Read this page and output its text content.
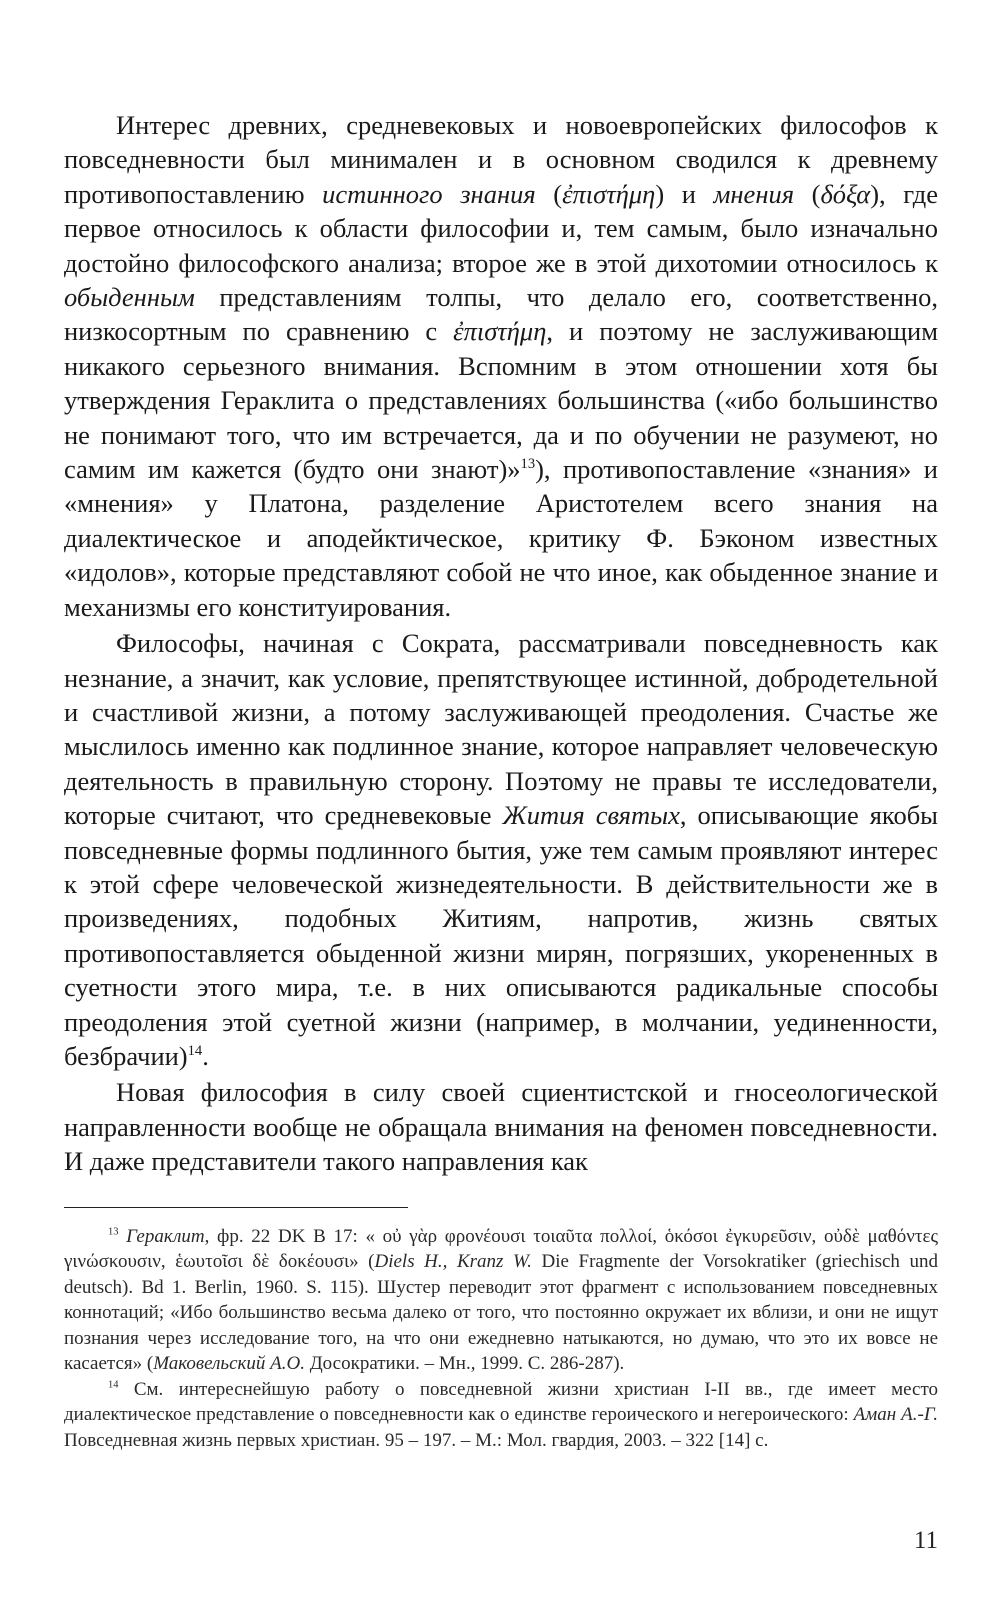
Интерес древних, средневековых и новоевропейских философов к повседневности был минимален и в основном сводился к древнему противопоставлению истинного знания (ἐπιστήμη) и мнения (δόξα), где первое относилось к области философии и, тем самым, было изначально достойно философского анализа; второе же в этой дихотомии относилось к обыденным представлениям толпы, что делало его, соответственно, низкосортным по сравнению с ἐπιστήμη, и поэтому не заслуживающим никакого серьезного внимания. Вспомним в этом отношении хотя бы утверждения Гераклита о представлениях большинства («ибо большинство не понимают того, что им встречается, да и по обучении не разумеют, но самим им кажется (будто они знают)»$^{13}$), противопоставление «знания» и «мнения» у Платона, разделение Аристотелем всего знания на диалектическое и аподейктическое, критику Ф. Бэконом известных «идолов», которые представляют собой не что иное, как обыденное знание и механизмы его конституирования.

Философы, начиная с Сократа, рассматривали повседневность как незнание, а значит, как условие, препятствующее истинной, добродетельной и счастливой жизни, а потому заслуживающей преодоления. Счастье же мыслилось именно как подлинное знание, которое направляет человеческую деятельность в правильную сторону. Поэтому не правы те исследователи, которые считают, что средневековые Жития святых, описывающие якобы повседневные формы подлинного бытия, уже тем самым проявляют интерес к этой сфере человеческой жизнедеятельности. В действительности же в произведениях, подобных Житиям, напротив, жизнь святых противопоставляется обыденной жизни мирян, погрязших, укорененных в суетности этого мира, т.е. в них описываются радикальные способы преодоления этой суетной жизни (например, в молчании, уединенности, безбрачии)$^{14}$.

Новая философия в силу своей сциентистской и гносеологической направленности вообще не обращала внимания на феномен повседневности. И даже представители такого направления как

$^{13}$ Гераклит, фр. 22 DK B 17: « οὐ γὰρ φρονέουσι τοιαῦτα πολλοί, ὁκόσοι ἐγκυρεῦσιν, οὐδὲ μαθόντες γινώσκουσιν, ἑωυτοῖσι δὲ δοκέουσι» (Diels H., Kranz W. Die Fragmente der Vorsokratiker (griechisch und deutsch). Bd 1. Berlin, 1960. S. 115). Шустер переводит этот фрагмент с использованием повседневных коннотаций; «Ибо большинство весьма далеко от того, что постоянно окружает их вблизи, и они не ищут познания через исследование того, на что они ежедневно натыкаются, но думаю, что это их вовсе не касается» (Маковельский А.О. Досократики. – Мн., 1999. С. 286-287).

$^{14}$ См. интереснейшую работу о повседневной жизни христиан I-II вв., где имеет место диалектическое представление о повседневности как о единстве героического и негероического: Аман А.-Г. Повседневная жизнь первых христиан. 95 – 197. – М.: Мол. гвардия, 2003. – 322 [14] с.

11
